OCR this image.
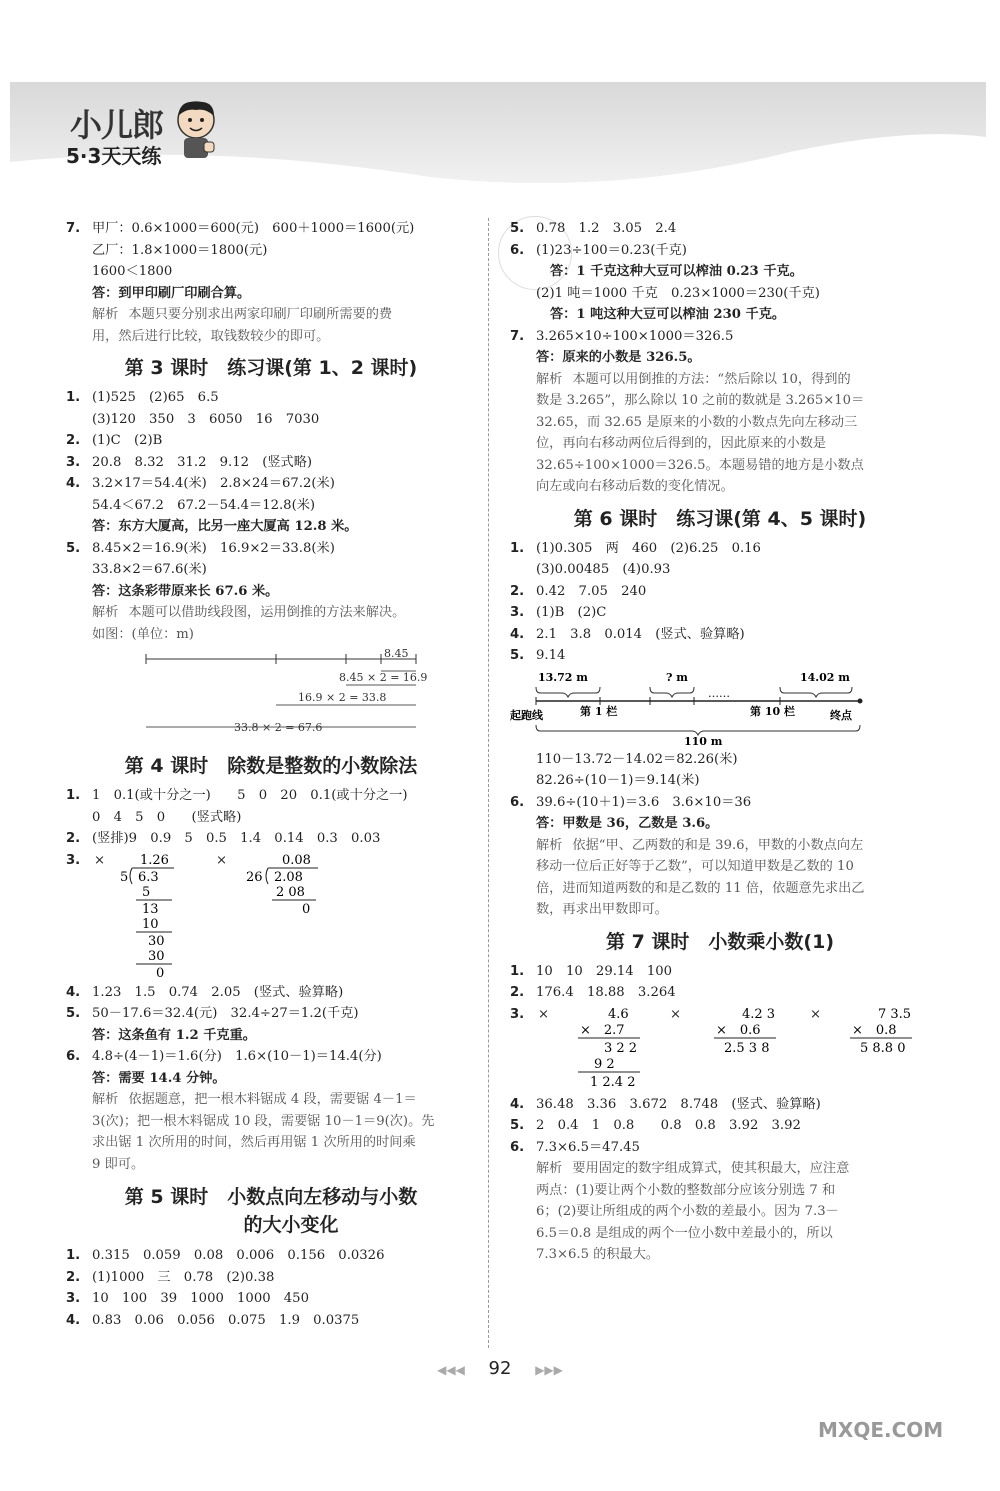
小儿郎
5·3天天练
7. 甲厂：0.6×1000＝600(元)　600＋1000＝1600(元)
乙厂：1.8×1000＝1800(元)
1600＜1800
答：到甲印刷厂印刷合算。
解析 本题只要分别求出两家印刷厂印刷所需要的费
用，然后进行比较，取钱数较少的即可。
第 3 课时　练习课(第 1、2 课时)
1. (1)525　(2)65　6.5
(3)120　350　3　6050　16　7030
2. (1)C　(2)B
3. 20.8　8.32　31.2　9.12　(竖式略)
4. 3.2×17＝54.4(米)　2.8×24＝67.2(米)
54.4＜67.2　67.2－54.4＝12.8(米)
答：东方大厦高，比另一座大厦高 12.8 米。
5. 8.45×2＝16.9(米)　16.9×2＝33.8(米)
33.8×2＝67.6(米)
答：这条彩带原来长 67.6 米。
解析 本题可以借助线段图，运用倒推的方法来解决。
如图：(单位：m)
8.45
8.45 × 2 = 16.9
16.9 × 2 = 33.8
33.8 × 2 = 67.6
第 4 课时　除数是整数的小数除法
1. 1　0.1(或十分之一)　　5　0　20　0.1(或十分之一)
0　4　5　0　　(竖式略)
2. (竖排)9　0.9　5　0.5　1.4　0.14　0.3　0.03
3.	×	×
1.26
5 6.3
5
13
10
30
30
0
0.08
26 2.08
2 08
0
4. 1.23　1.5　0.74　2.05　(竖式、验算略)
5. 50－17.6＝32.4(元)　32.4÷27＝1.2(千克)
答：这条鱼有 1.2 千克重。
6. 4.8÷(4－1)＝1.6(分)　1.6×(10－1)＝14.4(分)
答：需要 14.4 分钟。
解析 依据题意，把一根木料锯成 4 段，需要锯 4－1＝
3(次)；把一根木料锯成 10 段，需要锯 10－1＝9(次)。先
求出锯 1 次所用的时间，然后再用锯 1 次所用的时间乘
9 即可。
第 5 课时　小数点向左移动与小数
的大小变化
1. 0.315　0.059　0.08　0.006　0.156　0.0326
2. (1)1000　三　0.78　(2)0.38
3. 10　100　39　1000　1000　450
4. 0.83　0.06　0.056　0.075　1.9　0.0375
5. 0.78　1.2　3.05　2.4
6. (1)23÷100＝0.23(千克)
答：1 千克这种大豆可以榨油 0.23 千克。
(2)1 吨＝1000 千克　0.23×1000＝230(千克)
答：1 吨这种大豆可以榨油 230 千克。
7. 3.265×10÷100×1000＝326.5
答：原来的小数是 326.5。
解析 本题可以用倒推的方法：“然后除以 10，得到的
数是 3.265”，那么除以 10 之前的数就是 3.265×10＝
32.65，而 32.65 是原来的小数的小数点先向左移动三
位，再向右移动两位后得到的，因此原来的小数是
32.65÷100×1000＝326.5。本题易错的地方是小数点
向左或向右移动后数的变化情况。
第 6 课时　练习课(第 4、5 课时)
1. (1)0.305　两　460　(2)6.25　0.16
(3)0.00485　(4)0.93
2. 0.42　7.05　240
3. (1)B　(2)C
4. 2.1　3.8　0.014　(竖式、验算略)
5. 9.14
13.72 m	? m	14.02 m
……
起跑线	第 1 栏	第 10 栏	终点
110 m
110－13.72－14.02＝82.26(米)
82.26÷(10－1)＝9.14(米)
6. 39.6÷(10＋1)＝3.6　3.6×10＝36
答：甲数是 36，乙数是 3.6。
解析 依据“甲、乙两数的和是 39.6，甲数的小数点向左
移动一位后正好等于乙数”，可以知道甲数是乙数的 10
倍，进而知道两数的和是乙数的 11 倍，依题意先求出乙
数，再求出甲数即可。
第 7 课时　小数乘小数(1)
1. 10　10　29.14　100
2. 176.4　18.88　3.264
3.	×	×	×
4.6
×　2.7
3 2 2
9 2
1 2.4 2
4.2 3
×　0.6
2.5 3 8
7 3.5
×　0.8
5 8.8 0
4. 36.48　3.36　3.672　8.748　(竖式、验算略)
5. 2　0.4　1　0.8　　0.8　0.8　3.92　3.92
6. 7.3×6.5＝47.45
解析 要用固定的数字组成算式，使其积最大，应注意
两点：(1)要让两个小数的整数部分应该分别选 7 和
6；(2)要让所组成的两个小数的差最小。因为 7.3－
6.5＝0.8 是组成的两个一位小数中差最小的，所以
7.3×6.5 的积最大。
◀◀◀ 92 ▶▶▶
MXQE.COM
